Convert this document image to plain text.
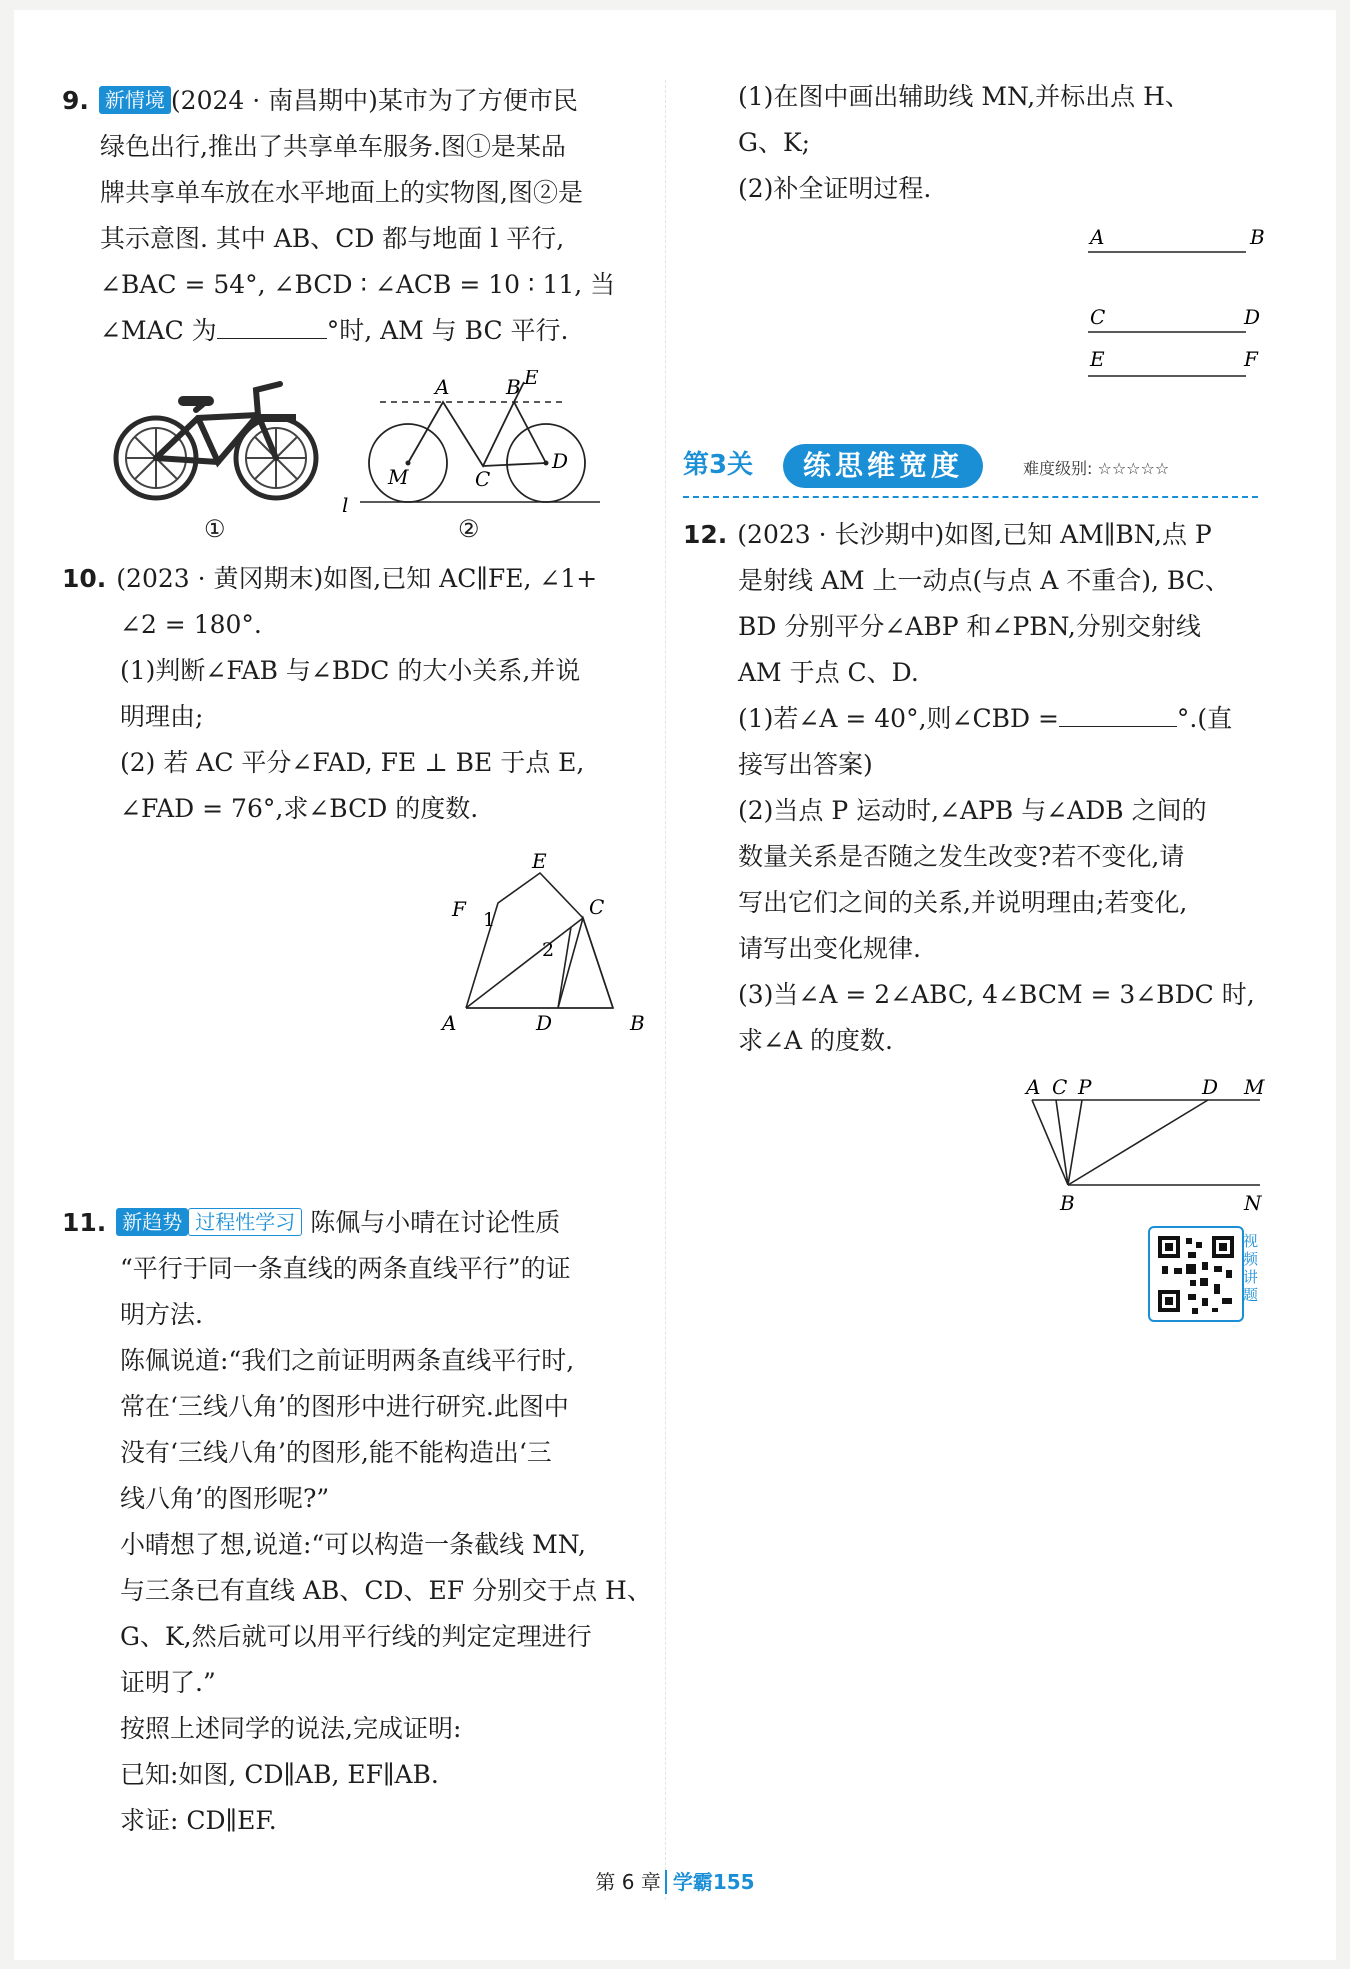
9. 新情境 (2024 · 南昌期中)某市为了方便市民

绿色出行,推出了共享单车服务.图①是某品

牌共享单车放在水平地面上的实物图,图②是

其示意图. 其中 AB、CD 都与地面 l 平行,

∠BAC = 54°, ∠BCD ∶ ∠ACB = 10 ∶ 11, 当

∠MAC 为	°时, AM 与 BC 平行.

①
A	B E
M	C
D
l
②

10. (2023 · 黄冈期末)如图,已知 AC∥FE, ∠1+

∠2 = 180°.

(1)判断∠FAB 与∠BDC 的大小关系,并说

明理由;

(2) 若 AC 平分∠FAD, FE ⊥ BE 于点 E,

∠FAD = 76°,求∠BCD 的度数.

E
F	C
A	D	B
1
2

11. 新趋势 过程性学习 陈佩与小晴在讨论性质

“平行于同一条直线的两条直线平行”的证

明方法.

陈佩说道:“我们之前证明两条直线平行时,

常在‘三线八角’的图形中进行研究.此图中

没有‘三线八角’的图形,能不能构造出‘三

线八角’的图形呢?”

小晴想了想,说道:“可以构造一条截线 MN,

与三条已有直线 AB、CD、EF 分别交于点 H、

G、K,然后就可以用平行线的判定定理进行

证明了.”

按照上述同学的说法,完成证明:

已知:如图, CD∥AB, EF∥AB.

求证: CD∥EF.

(1)在图中画出辅助线 MN,并标出点 H、

G、K;

(2)补全证明过程.

A	B
C	D
E	F
第3关	练思维宽度	难度级别: ☆☆☆☆☆

12. (2023 · 长沙期中)如图,已知 AM∥BN,点 P

是射线 AM 上一动点(与点 A 不重合), BC、

BD 分别平分∠ABP 和∠PBN,分别交射线

AM 于点 C、D.

(1)若∠A = 40°,则∠CBD =	°.(直

接写出答案)

(2)当点 P 运动时,∠APB 与∠ADB 之间的

数量关系是否随之发生改变?若不变化,请

写出它们之间的关系,并说明理由;若变化,

请写出变化规律.

(3)当∠A = 2∠ABC, 4∠BCM = 3∠BDC 时,

求∠A 的度数.

A C P	D M
B	N
视频讲题
第 6 章 学霸155
